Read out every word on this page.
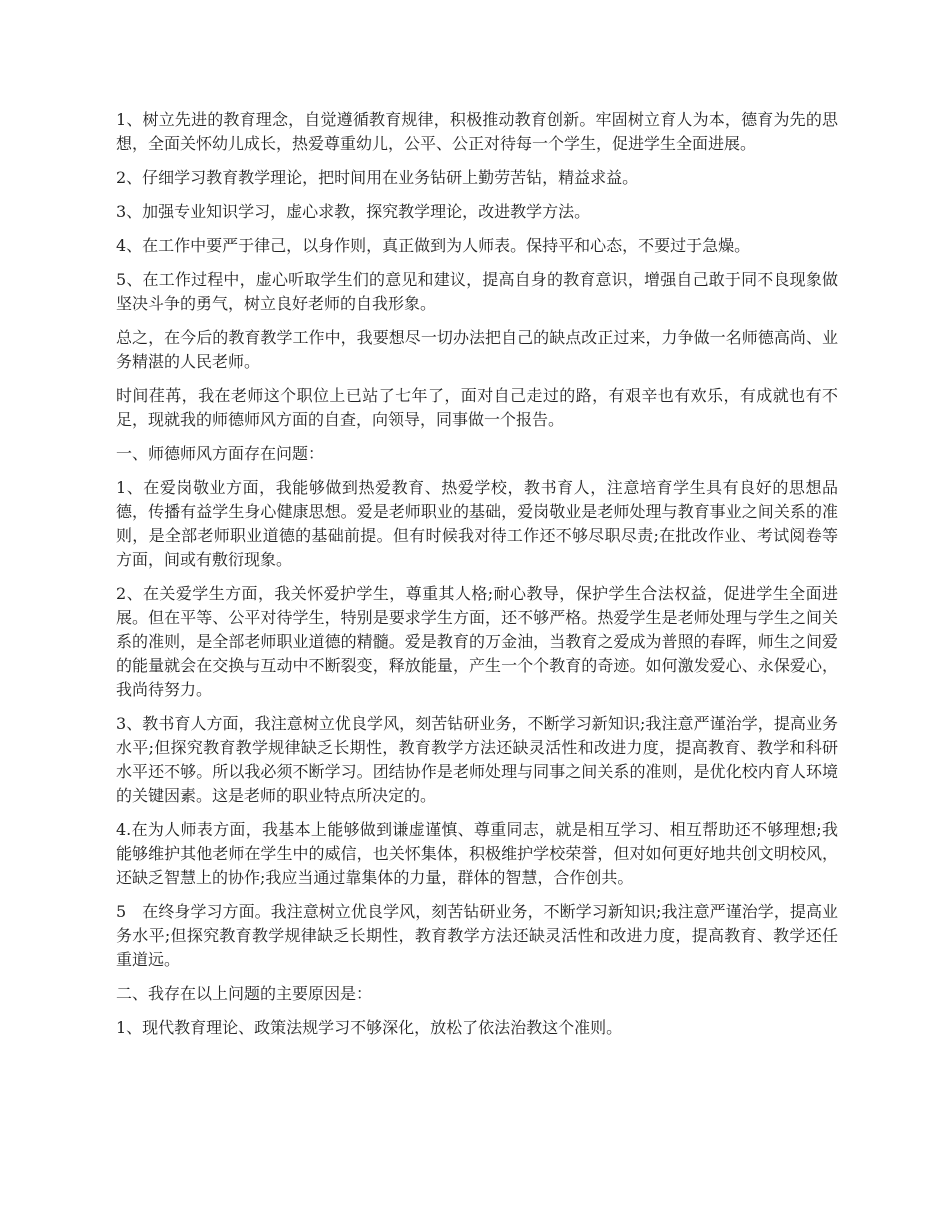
1、树立先进的教育理念，自觉遵循教育规律，积极推动教育创新。牢固树立育人为本，德育为先的思想，全面关怀幼儿成长，热爱尊重幼儿，公平、公正对待每一个学生，促进学生全面进展。

2、仔细学习教育教学理论，把时间用在业务钻研上勤劳苦钻，精益求益。

3、加强专业知识学习，虚心求教，探究教学理论，改进教学方法。

4、在工作中要严于律己，以身作则，真正做到为人师表。保持平和心态，不要过于急燥。

5、在工作过程中，虚心听取学生们的意见和建议，提高自身的教育意识，增强自己敢于同不良现象做坚决斗争的勇气，树立良好老师的自我形象。

总之，在今后的教育教学工作中，我要想尽一切办法把自己的缺点改正过来，力争做一名师德高尚、业务精湛的人民老师。

时间荏苒，我在老师这个职位上已站了七年了，面对自己走过的路，有艰辛也有欢乐，有成就也有不足，现就我的师德师风方面的自查，向领导，同事做一个报告。

一、师德师风方面存在问题：

1、在爱岗敬业方面，我能够做到热爱教育、热爱学校，教书育人，注意培育学生具有良好的思想品德，传播有益学生身心健康思想。爱是老师职业的基础，爱岗敬业是老师处理与教育事业之间关系的准则，是全部老师职业道德的基础前提。但有时候我对待工作还不够尽职尽责;在批改作业、考试阅卷等方面，间或有敷衍现象。

2、在关爱学生方面，我关怀爱护学生，尊重其人格;耐心教导，保护学生合法权益，促进学生全面进展。但在平等、公平对待学生，特别是要求学生方面，还不够严格。热爱学生是老师处理与学生之间关系的准则，是全部老师职业道德的精髓。爱是教育的万金油，当教育之爱成为普照的春晖，师生之间爱的能量就会在交换与互动中不断裂变，释放能量，产生一个个教育的奇迹。如何激发爱心、永保爱心，我尚待努力。

3、教书育人方面，我注意树立优良学风，刻苦钻研业务，不断学习新知识;我注意严谨治学，提高业务水平;但探究教育教学规律缺乏长期性，教育教学方法还缺灵活性和改进力度，提高教育、教学和科研水平还不够。所以我必须不断学习。团结协作是老师处理与同事之间关系的准则，是优化校内育人环境的关键因素。这是老师的职业特点所决定的。

4.在为人师表方面，我基本上能够做到谦虚谨慎、尊重同志，就是相互学习、相互帮助还不够理想;我能够维护其他老师在学生中的威信，也关怀集体，积极维护学校荣誉，但对如何更好地共创文明校风，还缺乏智慧上的协作;我应当通过靠集体的力量，群体的智慧，合作创共。

5　在终身学习方面。我注意树立优良学风，刻苦钻研业务，不断学习新知识;我注意严谨治学，提高业务水平;但探究教育教学规律缺乏长期性，教育教学方法还缺灵活性和改进力度，提高教育、教学还任重道远。

二、我存在以上问题的主要原因是：

1、现代教育理论、政策法规学习不够深化，放松了依法治教这个准则。
